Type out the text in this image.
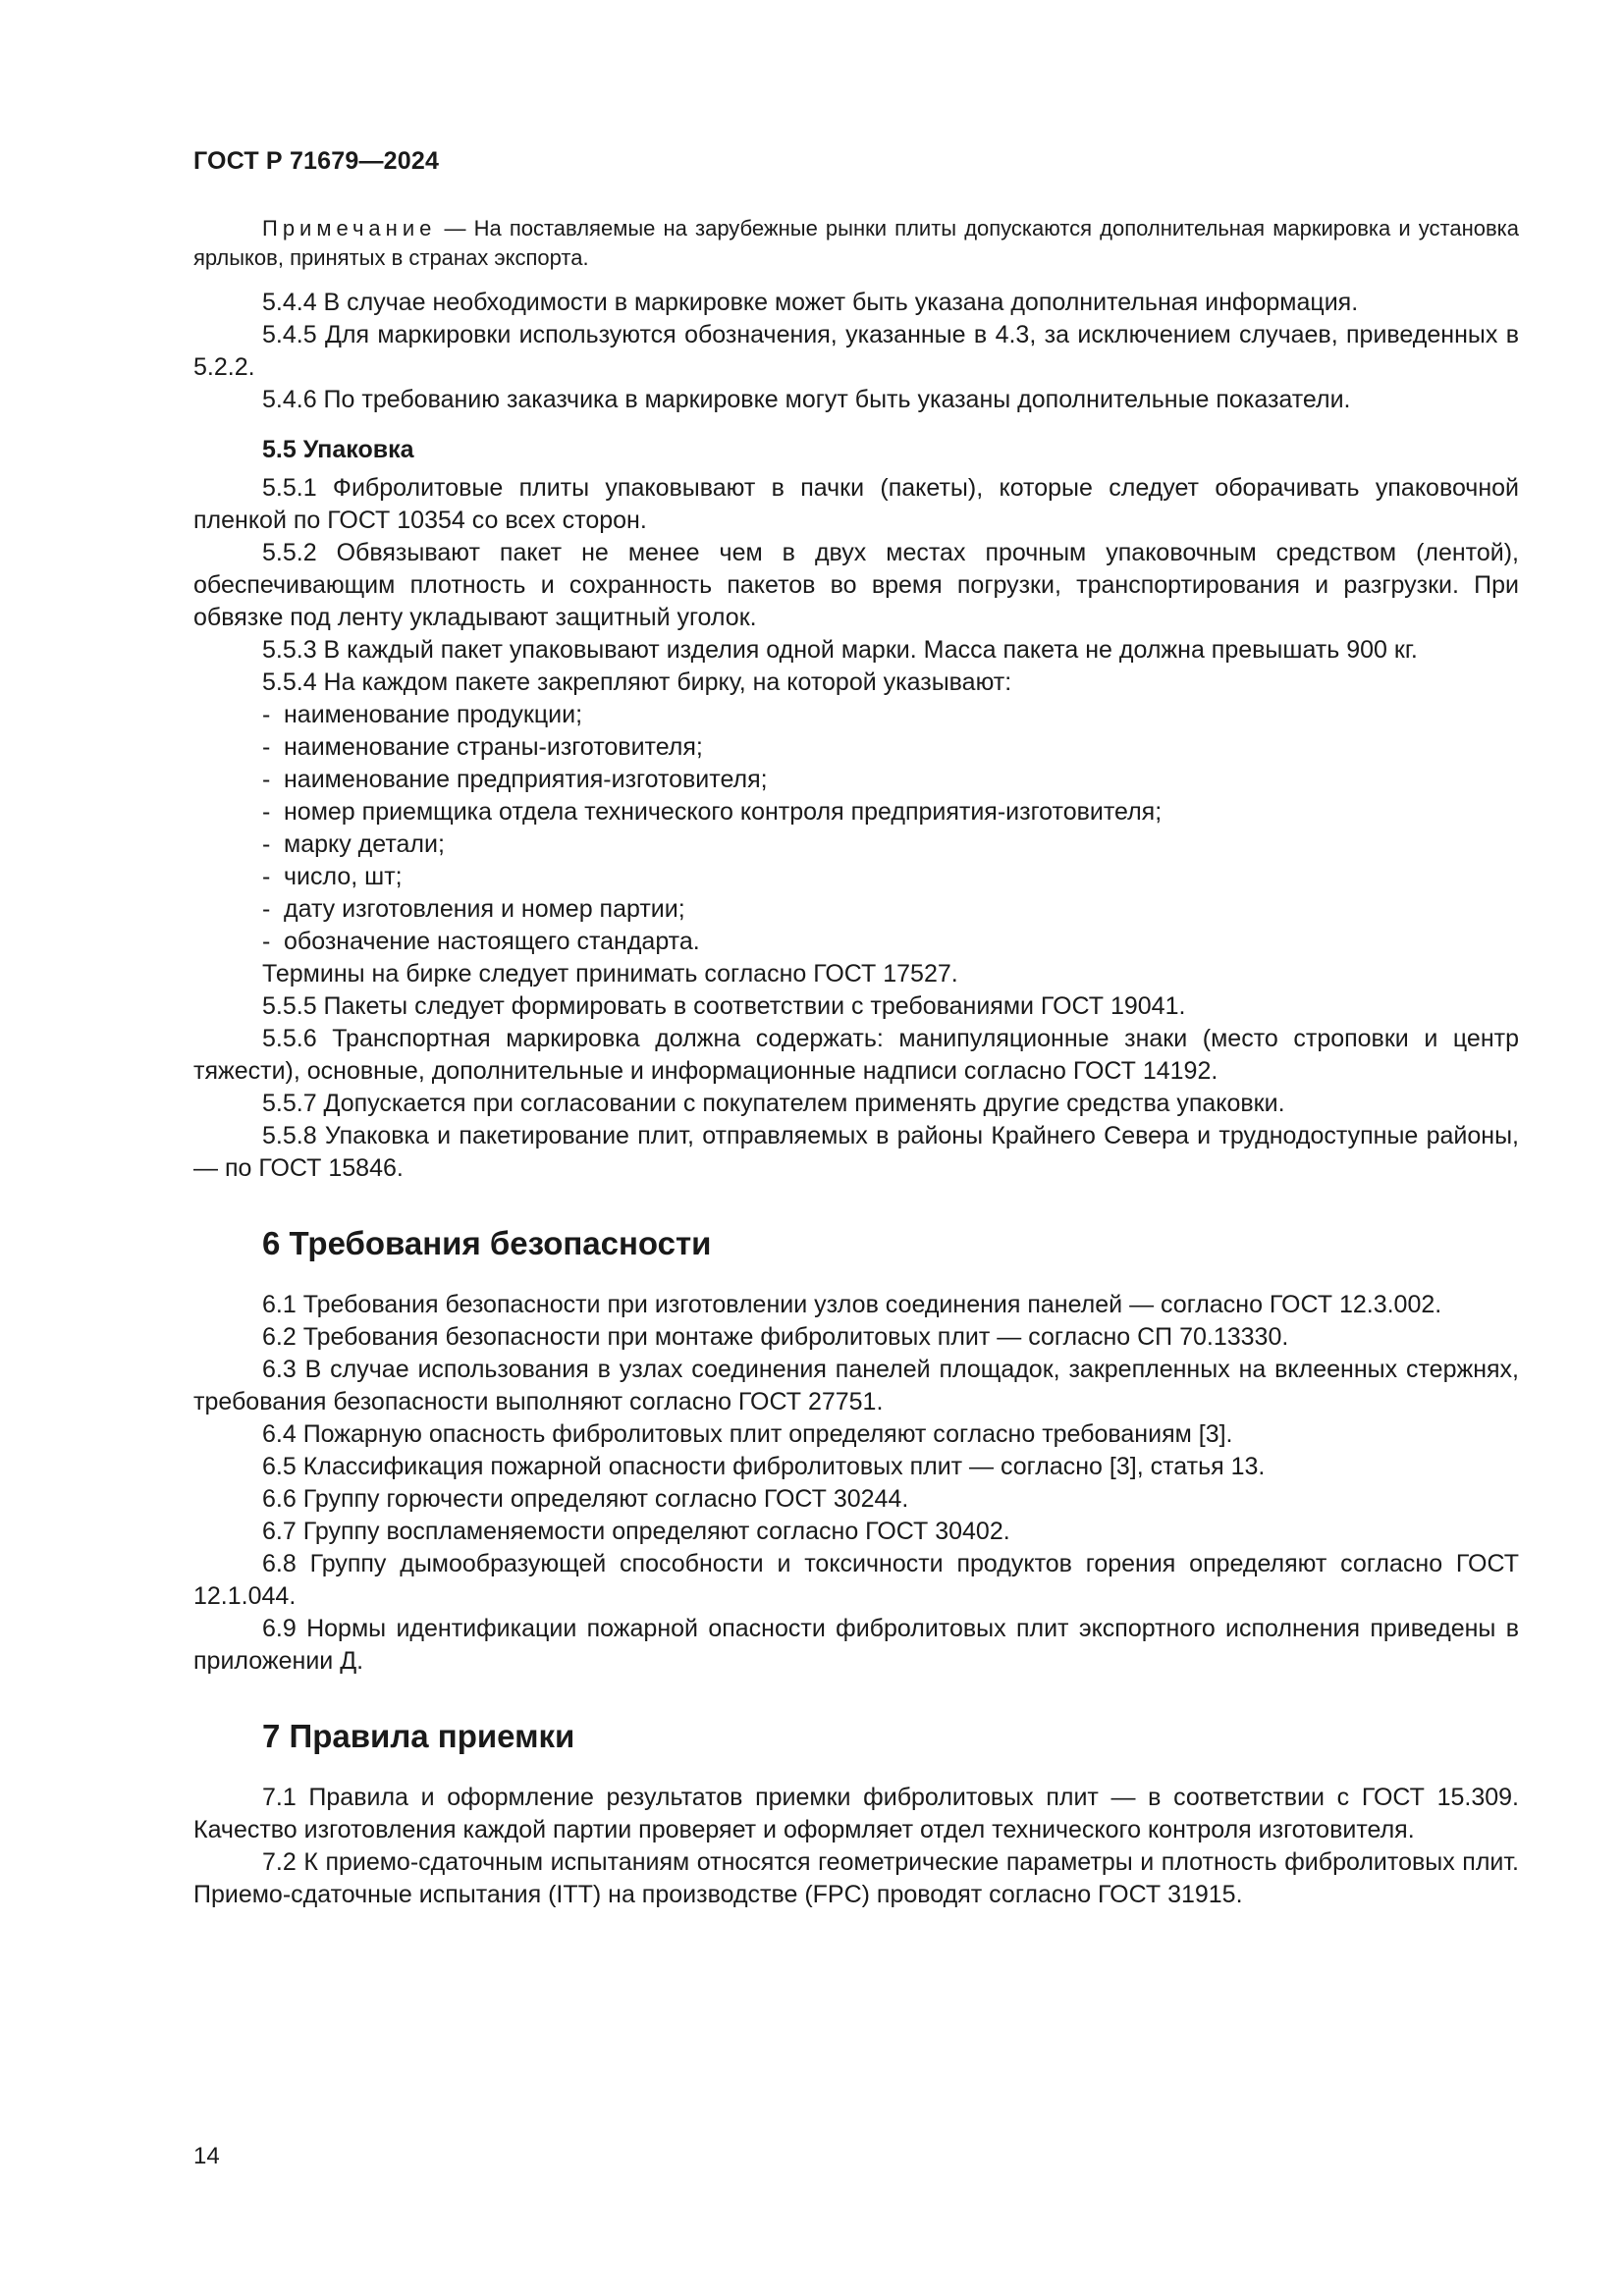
ГОСТ Р 71679—2024

Примечание — На поставляемые на зарубежные рынки плиты допускаются дополнительная маркировка и установка ярлыков, принятых в странах экспорта.

5.4.4 В случае необходимости в маркировке может быть указана дополнительная информация.

5.4.5 Для маркировки используются обозначения, указанные в 4.3, за исключением случаев, приведенных в 5.2.2.

5.4.6 По требованию заказчика в маркировке могут быть указаны дополнительные показатели.

5.5 Упаковка

5.5.1 Фибролитовые плиты упаковывают в пачки (пакеты), которые следует оборачивать упаковочной пленкой по ГОСТ 10354 со всех сторон.

5.5.2 Обвязывают пакет не менее чем в двух местах прочным упаковочным средством (лентой), обеспечивающим плотность и сохранность пакетов во время погрузки, транспортирования и разгрузки. При обвязке под ленту укладывают защитный уголок.

5.5.3 В каждый пакет упаковывают изделия одной марки. Масса пакета не должна превышать 900 кг.

5.5.4 На каждом пакете закрепляют бирку, на которой указывают:

- наименование продукции;
- наименование страны-изготовителя;
- наименование предприятия-изготовителя;
- номер приемщика отдела технического контроля предприятия-изготовителя;
- марку детали;
- число, шт;
- дату изготовления и номер партии;
- обозначение настоящего стандарта.
Термины на бирке следует принимать согласно ГОСТ 17527.

5.5.5 Пакеты следует формировать в соответствии с требованиями ГОСТ 19041.

5.5.6 Транспортная маркировка должна содержать: манипуляционные знаки (место строповки и центр тяжести), основные, дополнительные и информационные надписи согласно ГОСТ 14192.

5.5.7 Допускается при согласовании с покупателем применять другие средства упаковки.

5.5.8 Упаковка и пакетирование плит, отправляемых в районы Крайнего Севера и труднодоступные районы, — по ГОСТ 15846.

6 Требования безопасности

6.1 Требования безопасности при изготовлении узлов соединения панелей — согласно ГОСТ 12.3.002.

6.2 Требования безопасности при монтаже фибролитовых плит — согласно СП 70.13330.

6.3 В случае использования в узлах соединения панелей площадок, закрепленных на вклеенных стержнях, требования безопасности выполняют согласно ГОСТ 27751.

6.4 Пожарную опасность фибролитовых плит определяют согласно требованиям [3].

6.5 Классификация пожарной опасности фибролитовых плит — согласно [3], статья 13.

6.6 Группу горючести определяют согласно ГОСТ 30244.

6.7 Группу воспламеняемости определяют согласно ГОСТ 30402.

6.8 Группу дымообразующей способности и токсичности продуктов горения определяют согласно ГОСТ 12.1.044.

6.9 Нормы идентификации пожарной опасности фибролитовых плит экспортного исполнения приведены в приложении Д.

7 Правила приемки

7.1 Правила и оформление результатов приемки фибролитовых плит — в соответствии с ГОСТ 15.309. Качество изготовления каждой партии проверяет и оформляет отдел технического контроля изготовителя.

7.2 К приемо-сдаточным испытаниям относятся геометрические параметры и плотность фибролитовых плит. Приемо-сдаточные испытания (ITT) на производстве (FPC) проводят согласно ГОСТ 31915.

14
